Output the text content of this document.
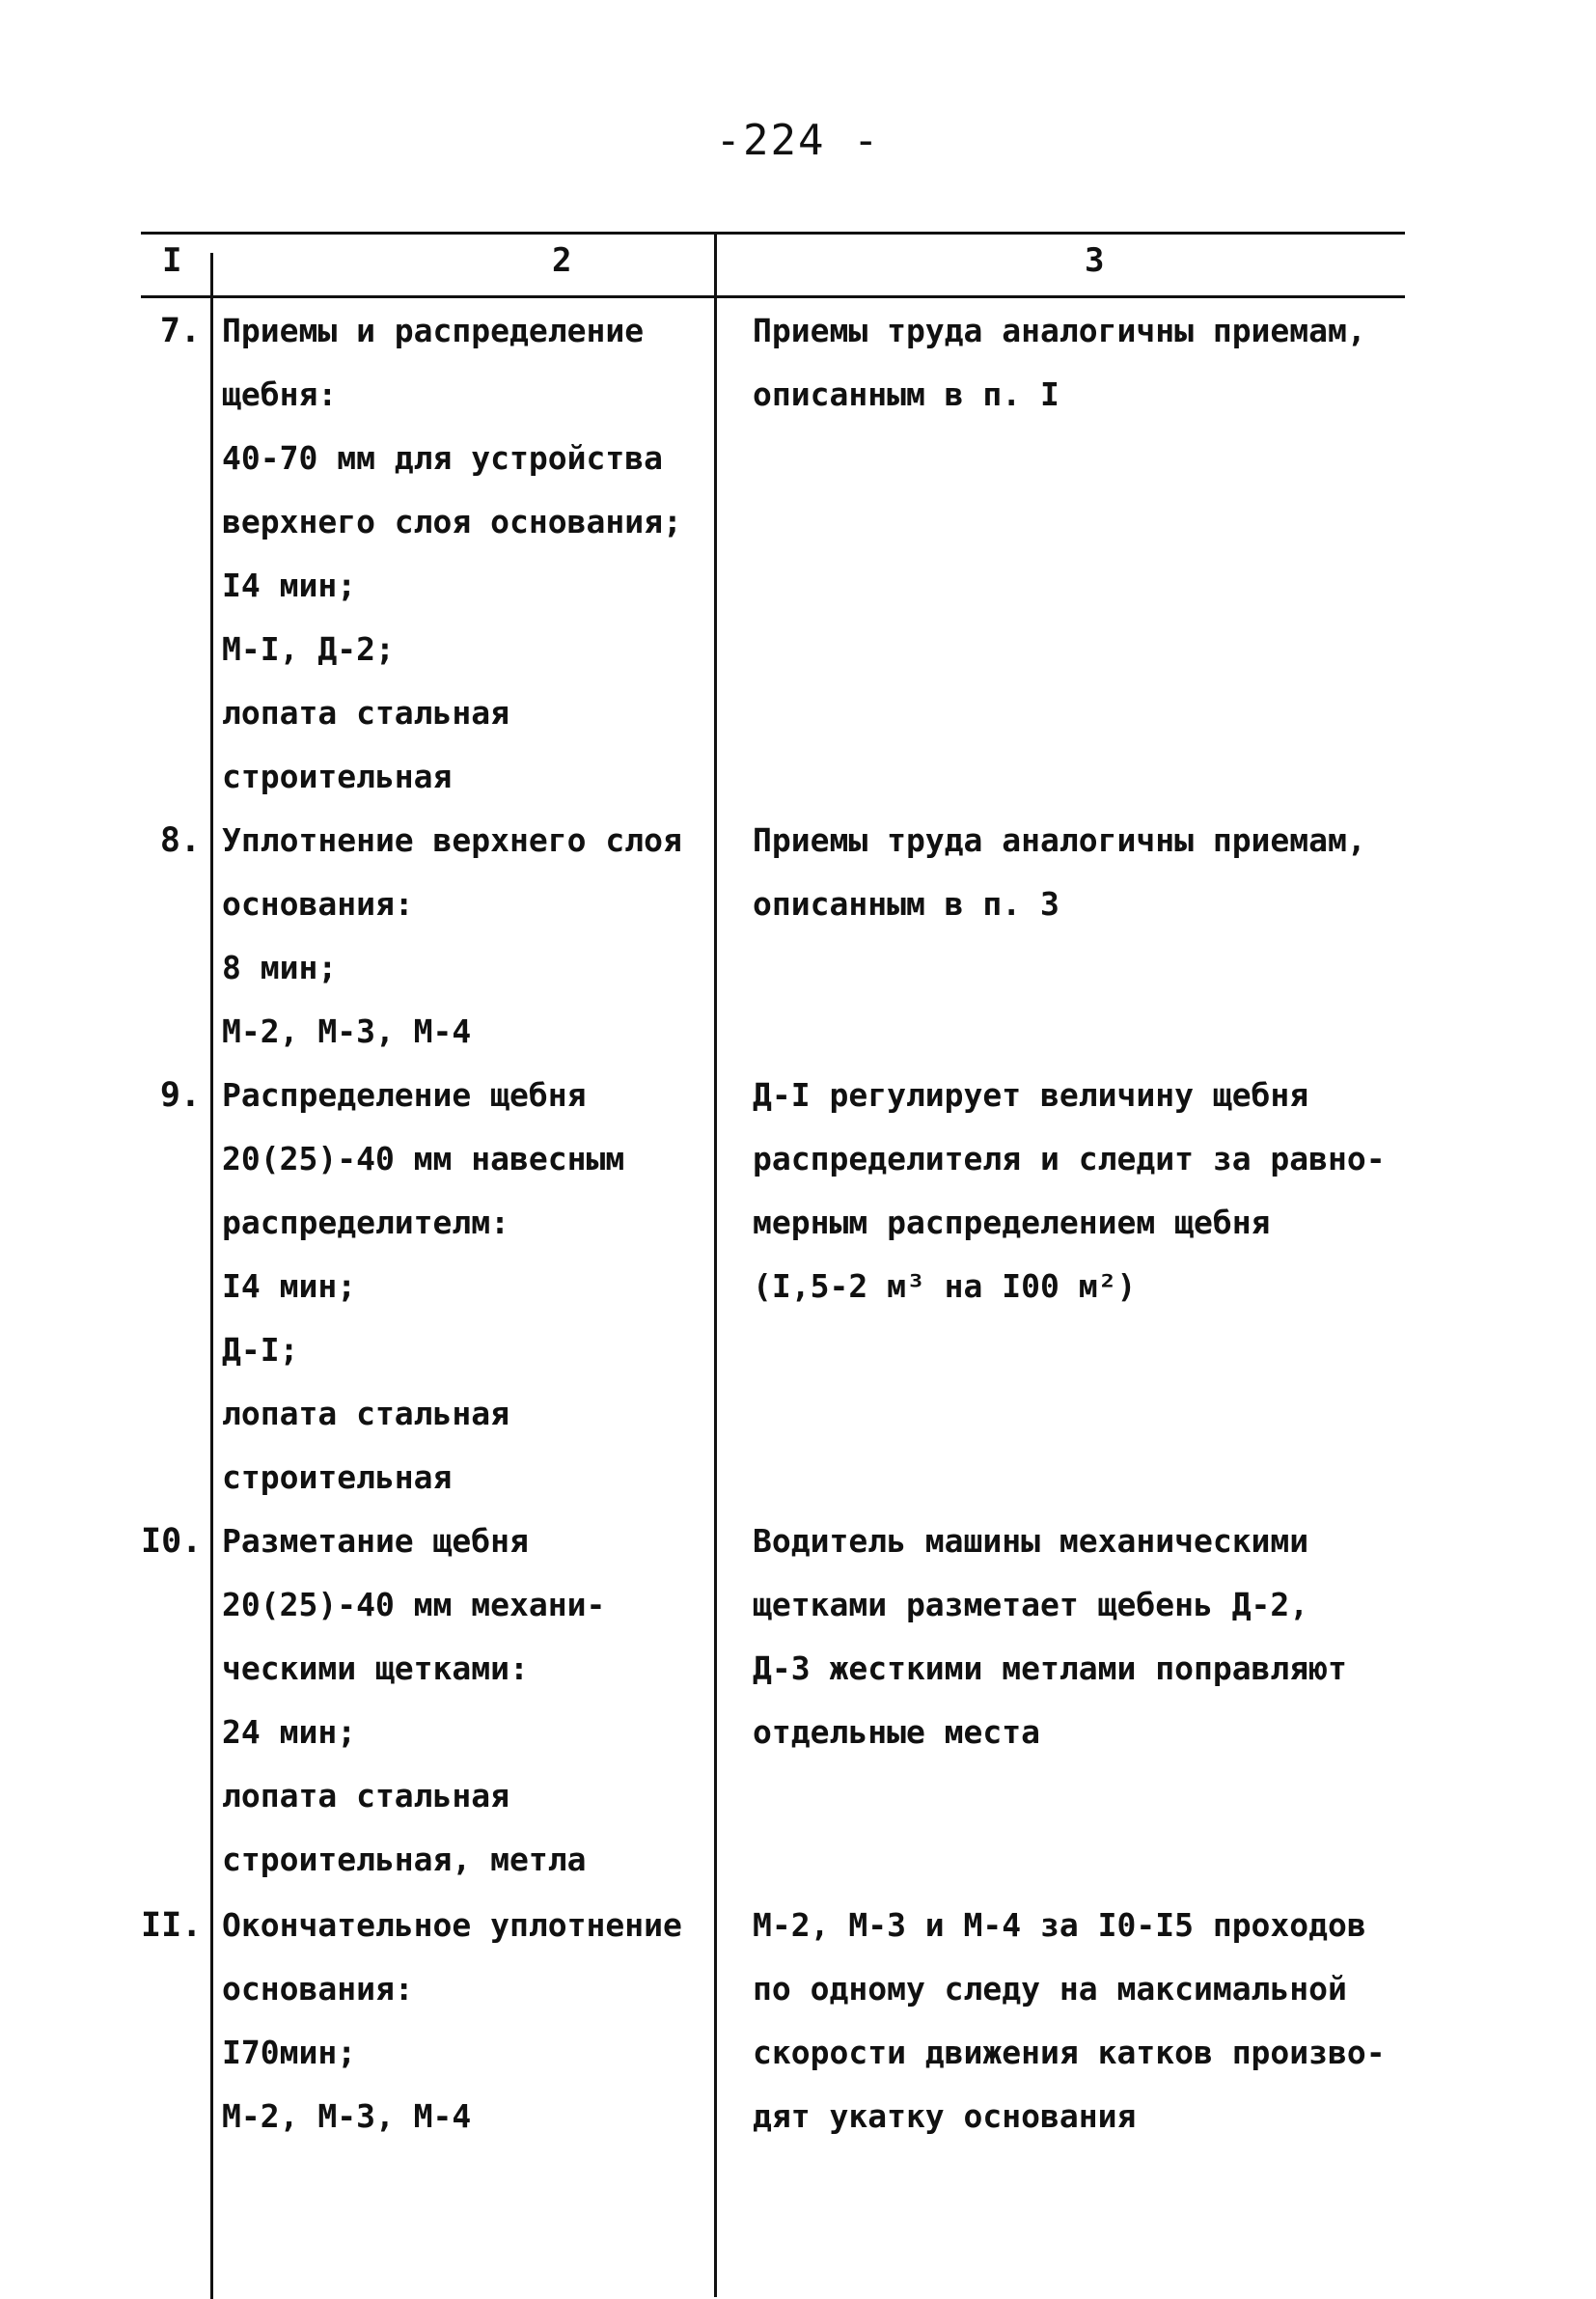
-224 -
I	2	3
7. Приемы и распределение
щебня:
40-70 мм для устройства
верхнего слоя основания;
I4 мин;
М-I, Д-2;
лопата стальная
строительная
Приемы труда аналогичны приемам,
описанным в п. I
8. Уплотнение верхнего слоя
основания:
8 мин;
М-2, М-3, М-4
Приемы труда аналогичны приемам,
описанным в п. 3
9. Распределение щебня
20(25)-40 мм навесным
распределителм:
I4 мин;
Д-I;
лопата стальная
строительная
Д-I регулирует величину щебня
распределителя и следит за равно-
мерным распределением щебня
(I,5-2 м³ на I00 м²)
I0. Разметание щебня
20(25)-40 мм механи-
ческими щетками:
24 мин;
лопата стальная
строительная, метла
Водитель машины механическими
щетками разметает щебень Д-2,
Д-3 жесткими метлами поправляют
отдельные места
II. Окончательное уплотнение
основания:
I70мин;
М-2, М-3, М-4
М-2, М-3 и М-4 за I0-I5 проходов
по одному следу на максимальной
скорости движения катков произво-
дят укатку основания
